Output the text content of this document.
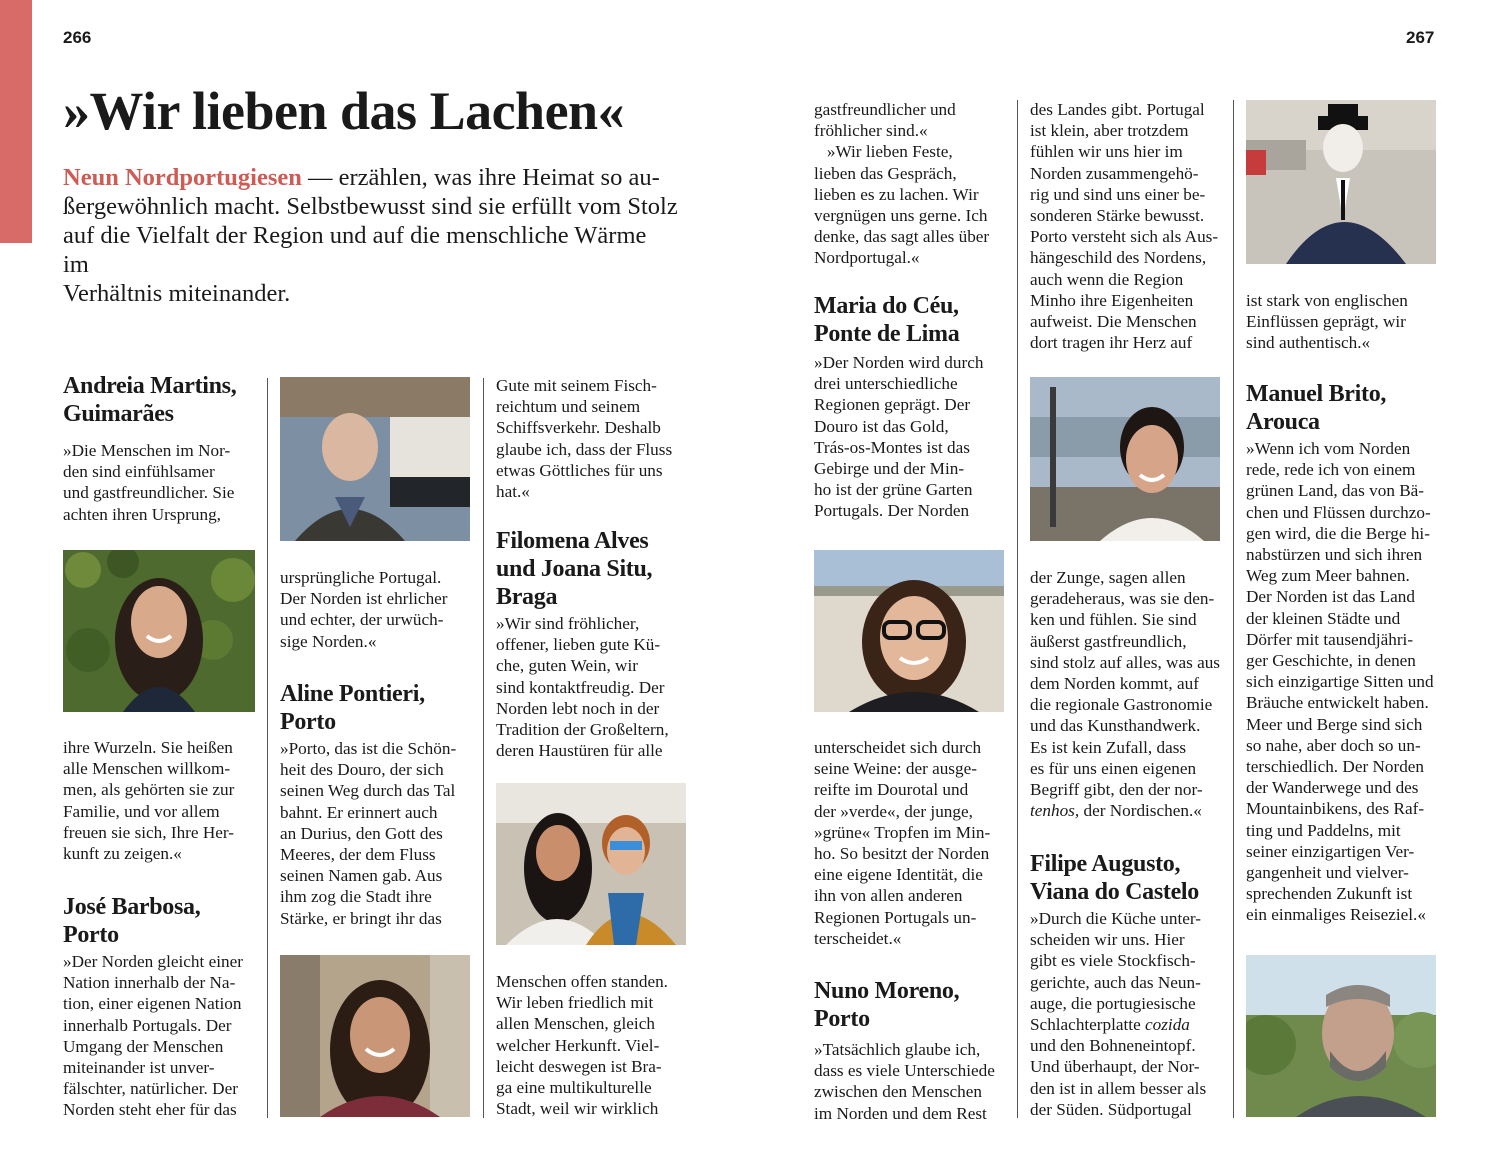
266	267
»Wir lieben das Lachen«

Neun Nordportugiesen — erzählen, was ihre Heimat so au-
ßergewöhnlich macht. Selbstbewusst sind sie erfüllt vom Stolz
auf die Vielfalt der Region und auf die menschliche Wärme im
Verhältnis miteinander.

Andreia Martins,
Guimarães

»Die Menschen im Nor-
den sind einfühlsamer
und gastfreundlicher. Sie
achten ihren Ursprung,

ihre Wurzeln. Sie heißen
alle Menschen willkom-
men, als gehörten sie zur
Familie, und vor allem
freuen sie sich, Ihre Her-
kunft zu zeigen.«

José Barbosa,
Porto

»Der Norden gleicht einer
Nation innerhalb der Na-
tion, einer eigenen Nation
innerhalb Portugals. Der
Umgang der Menschen
miteinander ist unver-
fälschter, natürlicher. Der
Norden steht eher für das

ursprüngliche Portugal.
Der Norden ist ehrlicher
und echter, der urwüch-
sige Norden.«

Aline Pontieri,
Porto

»Porto, das ist die Schön-
heit des Douro, der sich
seinen Weg durch das Tal
bahnt. Er erinnert auch
an Durius, den Gott des
Meeres, der dem Fluss
seinen Namen gab. Aus
ihm zog die Stadt ihre
Stärke, er bringt ihr das

Gute mit seinem Fisch-
reichtum und seinem
Schiffsverkehr. Deshalb
glaube ich, dass der Fluss
etwas Göttliches für uns
hat.«

Filomena Alves
und Joana Situ,
Braga

»Wir sind fröhlicher,
offener, lieben gute Kü-
che, guten Wein, wir
sind kontaktfreudig. Der
Norden lebt noch in der
Tradition der Großeltern,
deren Haustüren für alle

Menschen offen standen.
Wir leben friedlich mit
allen Menschen, gleich
welcher Herkunft. Viel-
leicht deswegen ist Bra-
ga eine multikulturelle
Stadt, weil wir wirklich

gastfreundlicher und
fröhlicher sind.«
»Wir lieben Feste,
lieben das Gespräch,
lieben es zu lachen. Wir
vergnügen uns gerne. Ich
denke, das sagt alles über
Nordportugal.«

Maria do Céu,
Ponte de Lima

»Der Norden wird durch
drei unterschiedliche
Regionen geprägt. Der
Douro ist das Gold,
Trás-os-Montes ist das
Gebirge und der Min-
ho ist der grüne Garten
Portugals. Der Norden

unterscheidet sich durch
seine Weine: der ausge-
reifte im Dourotal und
der »verde«, der junge,
»grüne« Tropfen im Min-
ho. So besitzt der Norden
eine eigene Identität, die
ihn von allen anderen
Regionen Portugals un-
terscheidet.«

Nuno Moreno,
Porto

»Tatsächlich glaube ich,
dass es viele Unterschiede
zwischen den Menschen
im Norden und dem Rest

des Landes gibt. Portugal
ist klein, aber trotzdem
fühlen wir uns hier im
Norden zusammengehö-
rig und sind uns einer be-
sonderen Stärke bewusst.
Porto versteht sich als Aus-
hängeschild des Nordens,
auch wenn die Region
Minho ihre Eigenheiten
aufweist. Die Menschen
dort tragen ihr Herz auf

der Zunge, sagen allen
geradeheraus, was sie den-
ken und fühlen. Sie sind
äußerst gastfreundlich,
sind stolz auf alles, was aus
dem Norden kommt, auf
die regionale Gastronomie
und das Kunsthandwerk.
Es ist kein Zufall, dass
es für uns einen eigenen
Begriff gibt, den der nor-
tenhos, der Nordischen.«

Filipe Augusto,
Viana do Castelo

»Durch die Küche unter-
scheiden wir uns. Hier
gibt es viele Stockfisch-
gerichte, auch das Neun-
auge, die portugiesische
Schlachterplatte cozida
und den Bohneneintopf.
Und überhaupt, der Nor-
den ist in allem besser als
der Süden. Südportugal

ist stark von englischen
Einflüssen geprägt, wir
sind authentisch.«

Manuel Brito,
Arouca

»Wenn ich vom Norden
rede, rede ich von einem
grünen Land, das von Bä-
chen und Flüssen durchzo-
gen wird, die die Berge hi-
nabstürzen und sich ihren
Weg zum Meer bahnen.
Der Norden ist das Land
der kleinen Städte und
Dörfer mit tausendjähri-
ger Geschichte, in denen
sich einzigartige Sitten und
Bräuche entwickelt haben.
Meer und Berge sind sich
so nahe, aber doch so un-
terschiedlich. Der Norden
der Wanderwege und des
Mountainbikens, des Raf-
ting und Paddelns, mit
seiner einzigartigen Ver-
gangenheit und vielver-
sprechenden Zukunft ist
ein einmaliges Reiseziel.«
